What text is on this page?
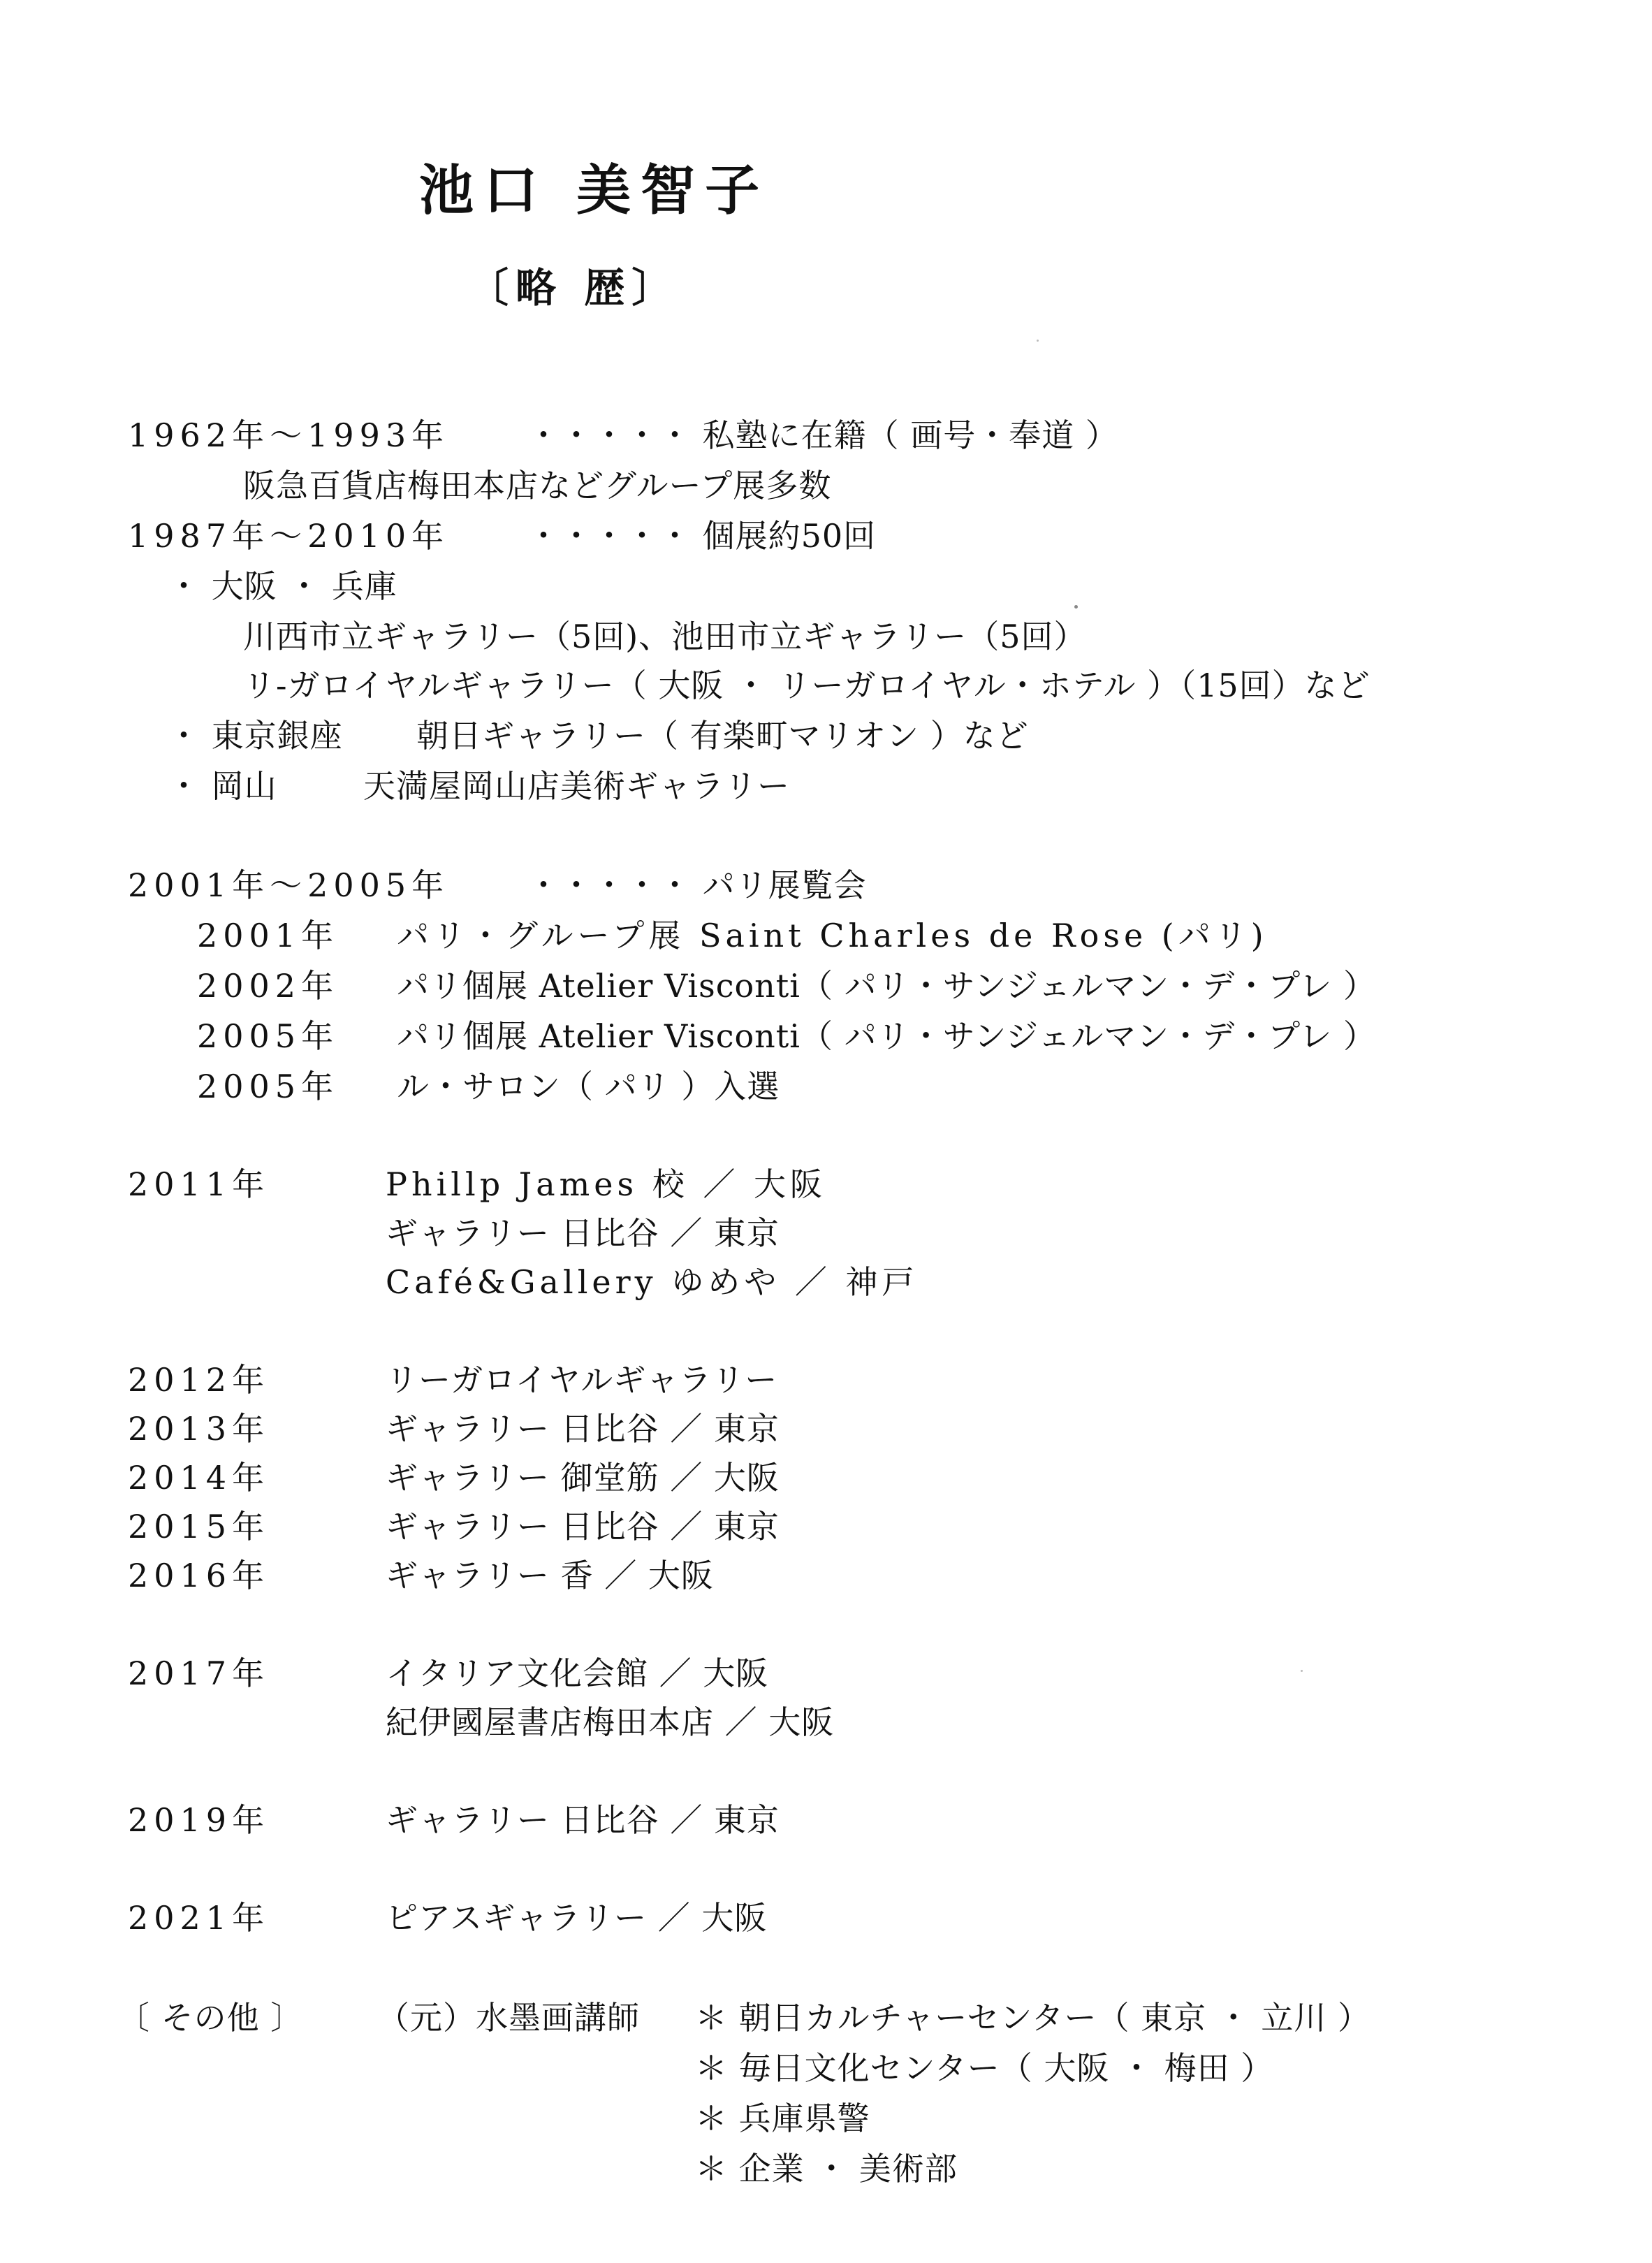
池口 美智子
〔略 歴〕
1962年～1993年 ・・・・・ 私塾に在籍（ 画号・奉道 ）
阪急百貨店梅田本店などグループ展多数
1987年～2010年 ・・・・・ 個展約50回
・ 大阪 ・ 兵庫
川西市立ギャラリー（5回)、池田市立ギャラリー（5回）
リ-ガロイヤルギャラリー（ 大阪 ・ リーガロイヤル・ホテル ）（15回）など
・ 東京銀座 朝日ギャラリー（ 有楽町マリオン ）など
・ 岡山	天満屋岡山店美術ギャラリー
2001年～2005年 ・・・・・ パリ展覧会
2001年 パリ・グループ展 Saint Charles de Rose (パリ)
2002年 パリ個展 Atelier Visconti（ パリ・サンジェルマン・デ・プレ ）
2005年 パリ個展 Atelier Visconti（ パリ・サンジェルマン・デ・プレ ）
2005年 ル・サロン（ パリ ）入選
2011年	Phillp James 校 ／ 大阪
ギャラリー 日比谷 ／ 東京
Café&Gallery ゆめや ／ 神戸
2012年	リーガロイヤルギャラリー
2013年	ギャラリー 日比谷 ／ 東京
2014年	ギャラリー 御堂筋 ／ 大阪
2015年	ギャラリー 日比谷 ／ 東京
2016年	ギャラリー 香 ／ 大阪
2017年	イタリア文化会館 ／ 大阪
紀伊國屋書店梅田本店 ／ 大阪
2019年	ギャラリー 日比谷 ／ 東京
2021年	ピアスギャラリー ／ 大阪
〔 その他 〕 （元）水墨画講師 ＊ 朝日カルチャーセンター（ 東京 ・ 立川 ）
＊ 毎日文化センター（ 大阪 ・ 梅田 ）
＊ 兵庫県警
＊ 企業 ・ 美術部
